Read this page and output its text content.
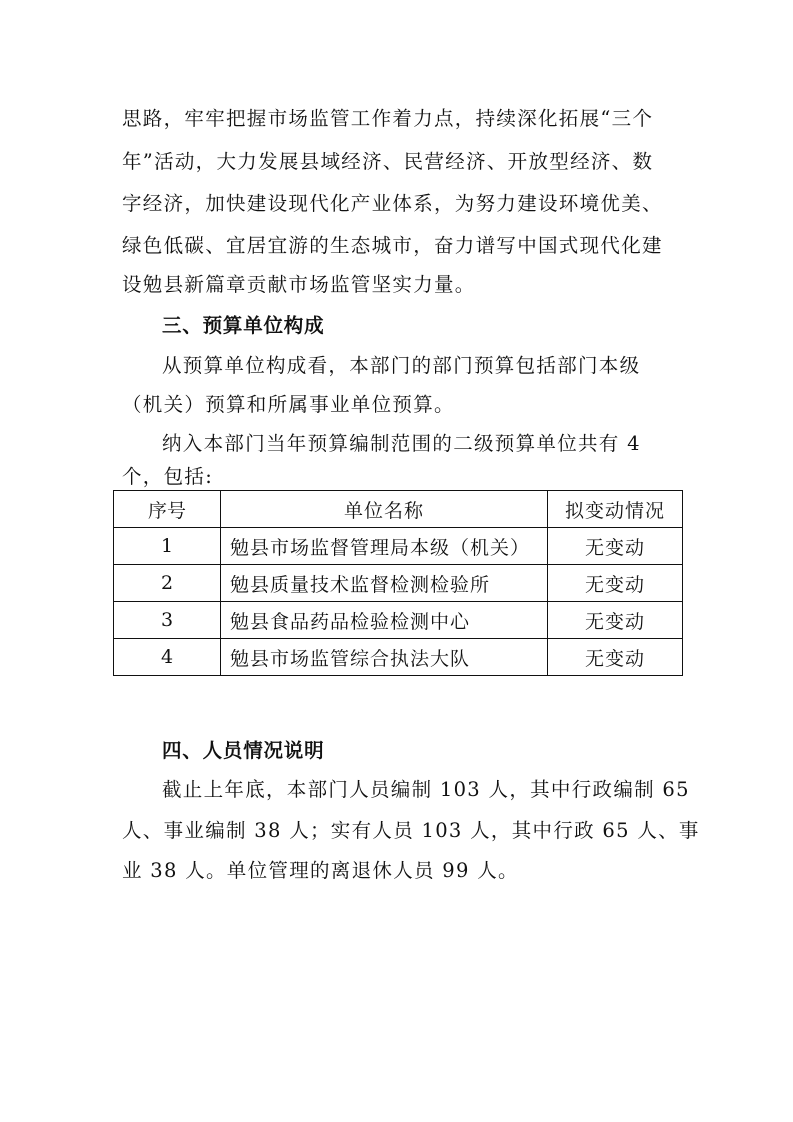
思路，牢牢把握市场监管工作着力点，持续深化拓展“三个
年”活动，大力发展县域经济、民营经济、开放型经济、数
字经济，加快建设现代化产业体系，为努力建设环境优美、
绿色低碳、宜居宜游的生态城市，奋力谱写中国式现代化建
设勉县新篇章贡献市场监管坚实力量。
三、预算单位构成
从预算单位构成看，本部门的部门预算包括部门本级
（机关）预算和所属事业单位预算。
纳入本部门当年预算编制范围的二级预算单位共有 4
个，包括:
序号	单位名称	拟变动情况
1	勉县市场监督管理局本级（机关）	无变动
2	勉县质量技术监督检测检验所	无变动
3	勉县食品药品检验检测中心	无变动
4	勉县市场监管综合执法大队	无变动
四、人员情况说明
截止上年底，本部门人员编制 103 人，其中行政编制 65
人、事业编制 38 人；实有人员 103 人，其中行政 65 人、事
业 38 人。单位管理的离退休人员 99 人。
